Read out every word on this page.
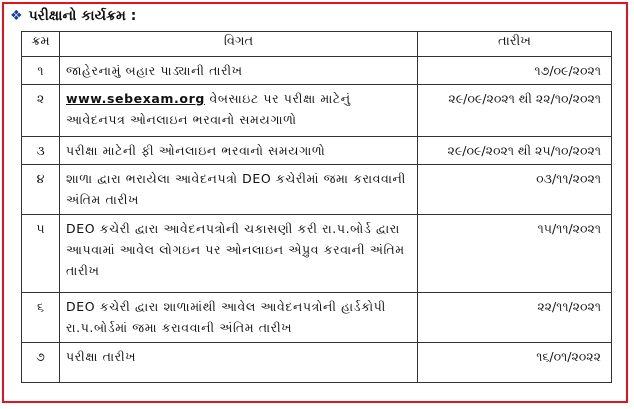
❖ પરીક્ષાનો કાર્યક્રમ :
ક્રમ	વિગત	તારીખ
૧	જાહેરનામું બહાર પાડ્યાની તારીખ	૧૭/૦૯/૨૦૨૧
૨	www.sebexam.org વેબસાઇટ પર પરીક્ષા માટેનું આવેદનપત્ર ઓનલાઇન ભરવાનો સમયગાળો	૨૯/૦૯/૨૦૨૧ થી ૨૨/૧૦/૨૦૨૧
૩	પરીક્ષા માટેની ફી ઓનલાઇન ભરવાનો સમયગાળો	૨૯/૦૯/૨૦૨૧ થી ૨૫/૧૦/૨૦૨૧
૪	શાળા દ્વારા ભરાયેલા આવેદનપત્રો DEO કચેરીમાં જમા કરાવવાની અંતિમ તારીખ	૦૩/૧૧/૨૦૨૧
૫	DEO કચેરી દ્વારા આવેદનપત્રોની ચકાસણી કરી રા.પ.બોર્ડ દ્વારા આપવામાં આવેલ લોગઇન પર ઓનલાઇન એપ્રુવ કરવાની અંતિમ તારીખ	૧૫/૧૧/૨૦૨૧
૬	DEO કચેરી દ્વારા શાળામાંથી આવેલ આવેદનપત્રોની હાર્ડકોપી રા.પ.બોર્ડમાં જમા કરાવવાની અંતિમ તારીખ	૨૨/૧૧/૨૦૨૧
૭	પરીક્ષા તારીખ	૧૬/૦૧/૨૦૨૨
